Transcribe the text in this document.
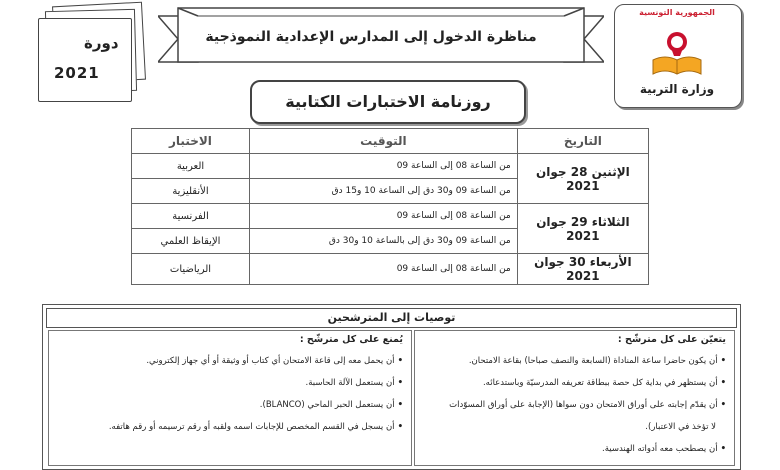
دورة
2021
مناظرة الدخول إلى المدارس الإعدادية النموذجية
روزنامة الاختبارات الكتابية
الجمهورية التونسية
وزارة التربية
التاريخ	التوقيت	الاختبار
الإثنين 28 جوان 2021	من الساعة 08 إلى الساعة 09	العربية
	من الساعة 09 و30 دق إلى الساعة 10 و15 دق	الأنقليزية
الثلاثاء 29 جوان 2021	من الساعة 08 إلى الساعة 09	الفرنسية
	من الساعة 09 و30 دق إلى بالساعة 10 و30 دق	الإيقاظ العلمي
الأربعاء 30 جوان 2021	من الساعة 08 إلى الساعة 09	الرياضيات
توصيات إلى المترشحين
يتعيّن على كل مترشّح :
•أن يكون حاضرا ساعة المناداة (السابعة والنصف صباحا) بقاعة الامتحان.
•أن يستظهر في بداية كل حصة ببطاقة تعريفه المدرسيّة وباستدعائه.
•أن يقدّم إجابته على أوراق الامتحان دون سواها (الإجابة على أوراق المسوّدات
لا تؤخذ في الاعتبار).
•أن يصطحب معه أدواته الهندسية.
يُمنع على كل مترشّح :
•أن يحمل معه إلى قاعة الامتحان أي كتاب أو وثيقة أو أي جهاز إلكتروني.
•أن يستعمل الآلة الحاسبة.
•أن يستعمل الحبر الماحي (BLANCO).
•أن يسجل في القسم المخصص للإجابات اسمه ولقبه أو رقم ترسيمه أو رقم هاتفه.
